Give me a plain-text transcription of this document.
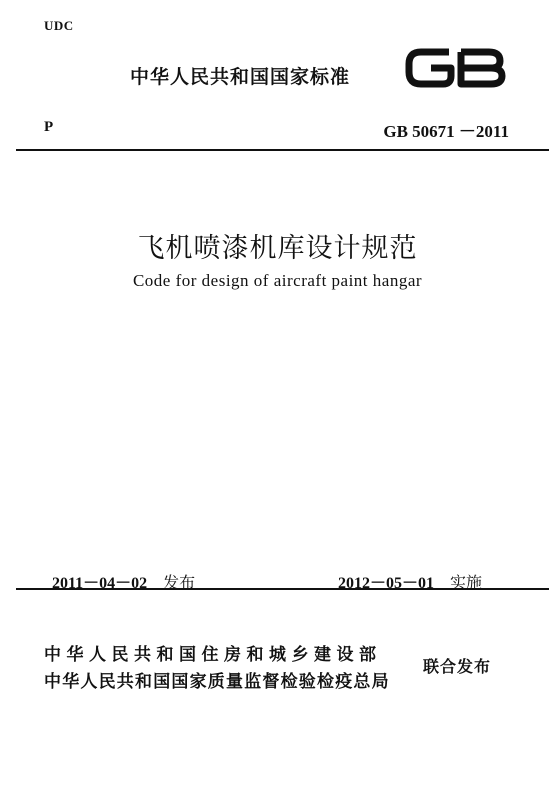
UDC
中华人民共和国国家标准
P	GB 50671 －2011
飞机喷漆机库设计规范
Code for design of aircraft paint hangar

2011－04－02 发布	2012－05－01 实施

中华人民共和国住房和城乡建设部
中华人民共和国国家质量监督检验检疫总局
联合发布
